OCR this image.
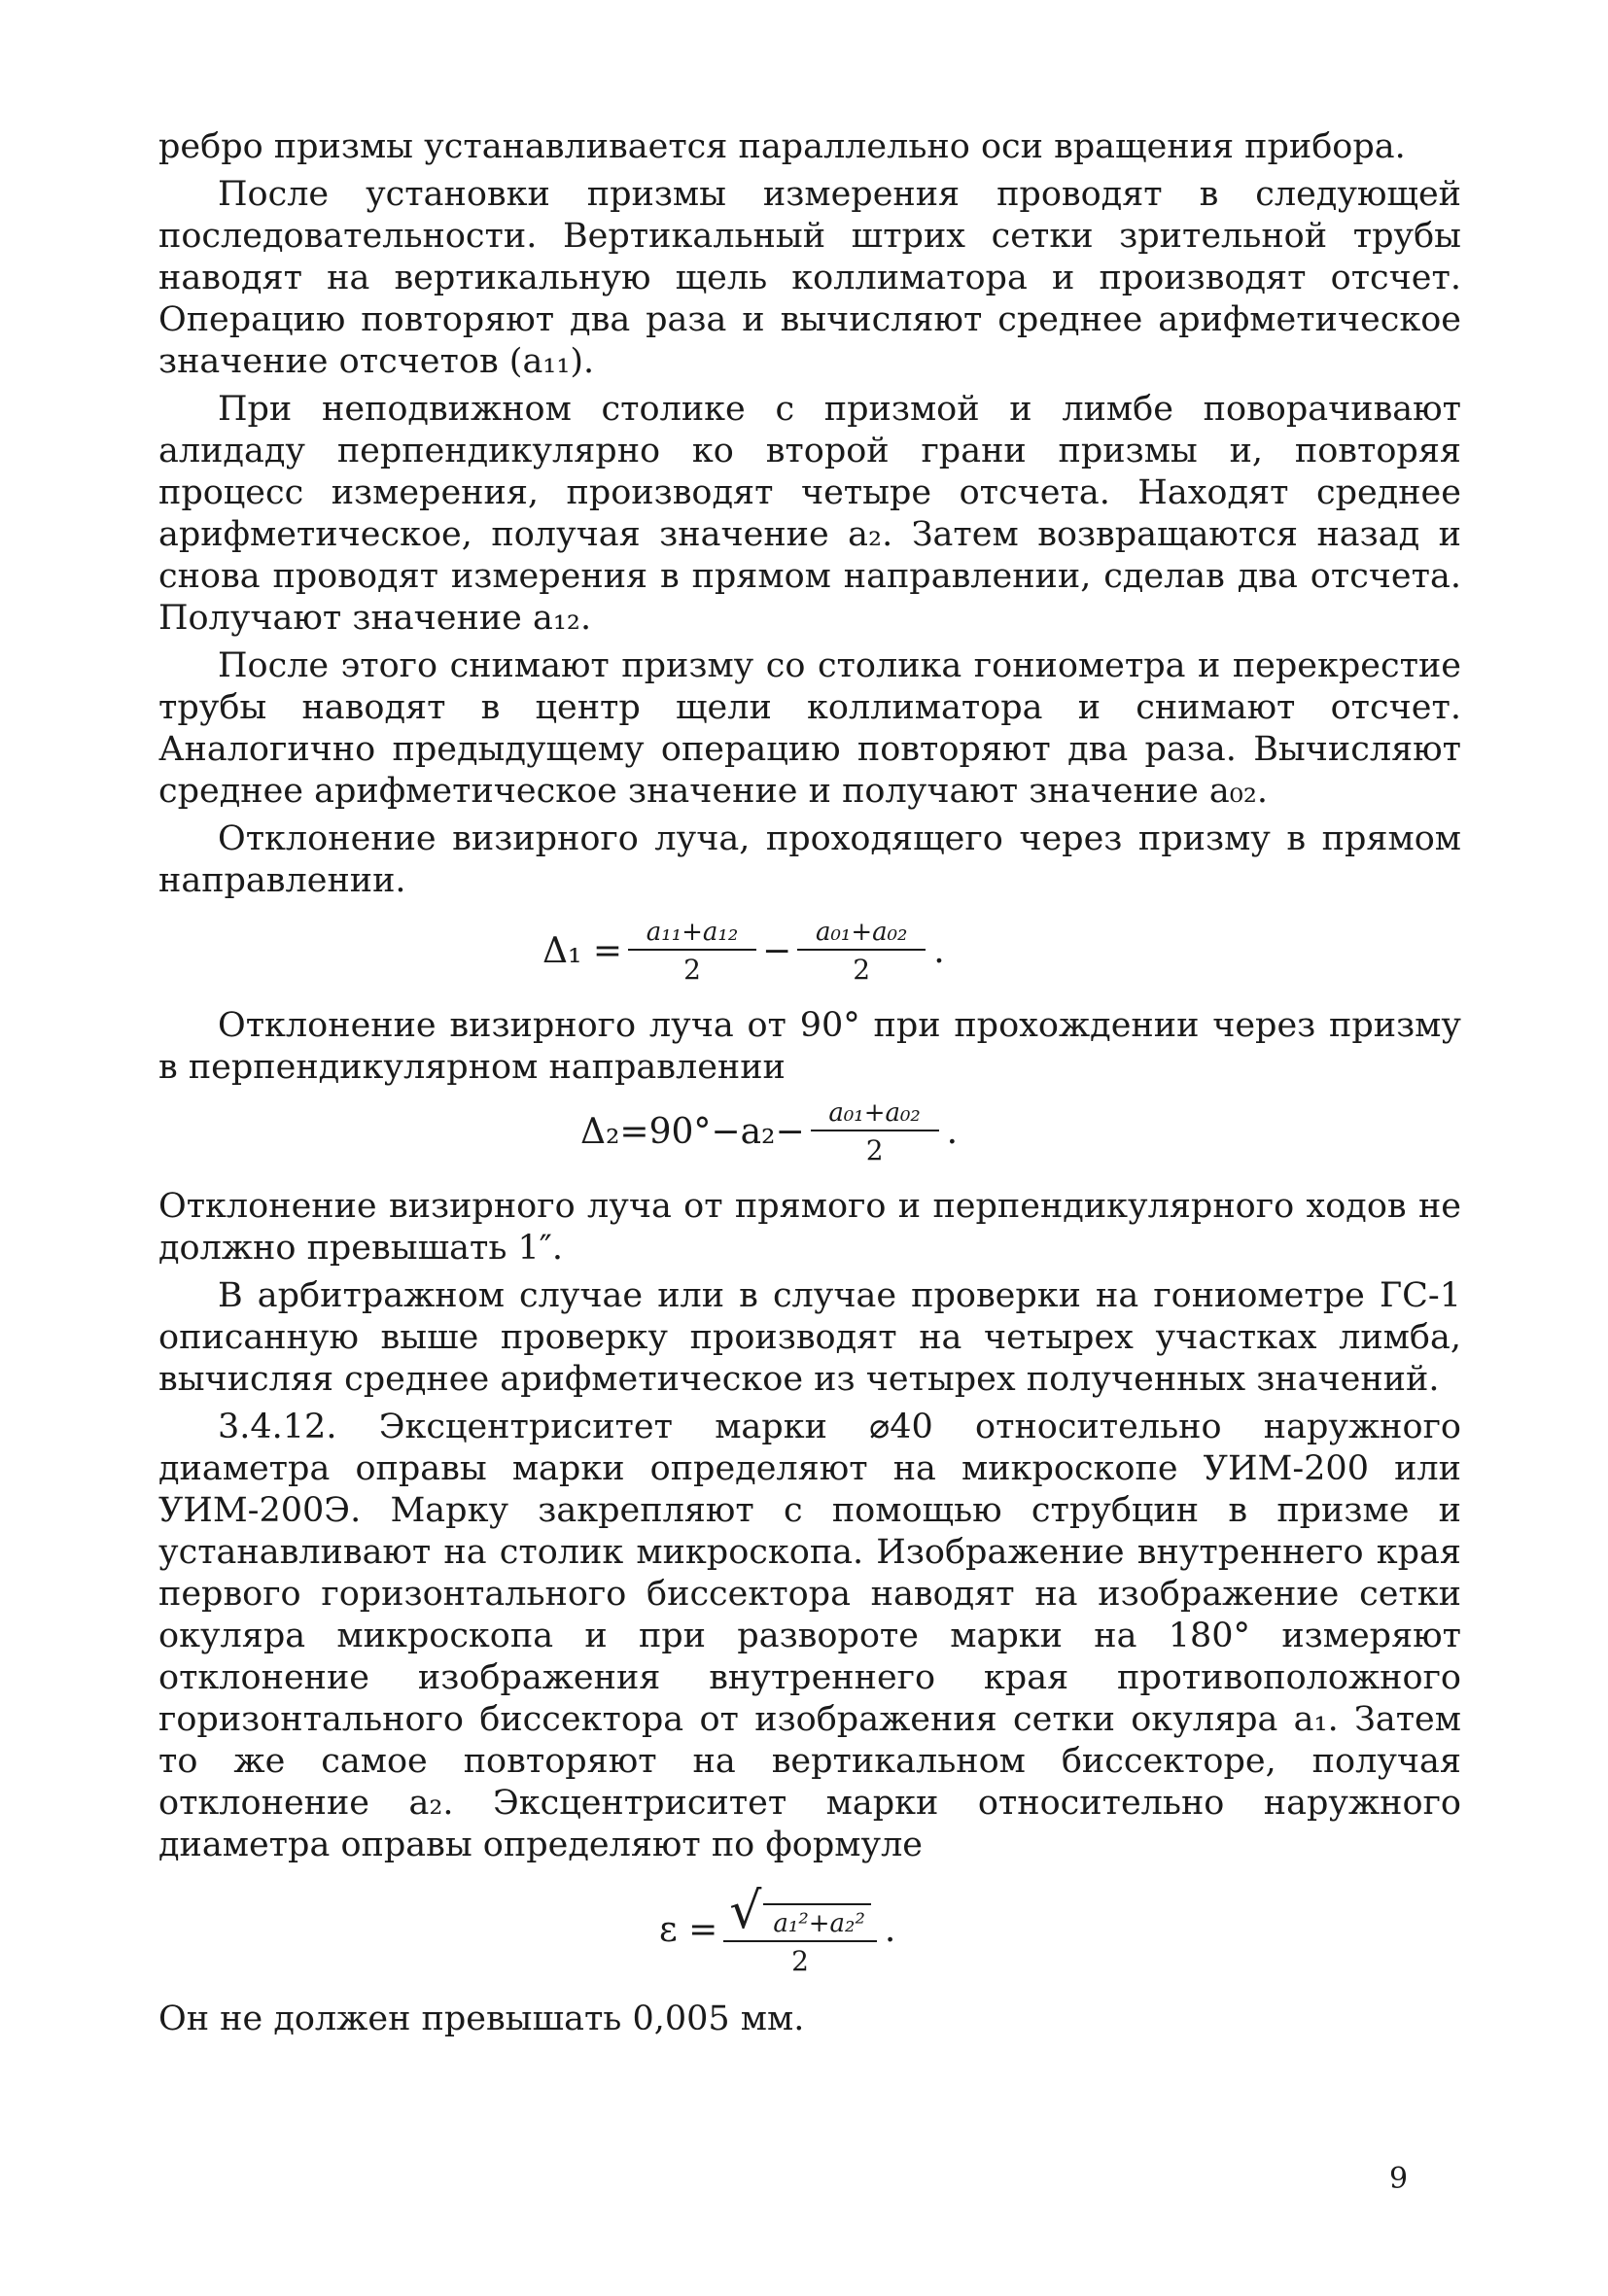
ребро призмы устанавливается параллельно оси вращения прибора.

После установки призмы измерения проводят в следующей последовательности. Вертикальный штрих сетки зрительной трубы наводят на вертикальную щель коллиматора и производят отсчет. Операцию повторяют два раза и вычисляют среднее арифметическое значение отсчетов (a₁₁).

При неподвижном столике с призмой и лимбе поворачивают алидаду перпендикулярно ко второй грани призмы и, повторяя процесс измерения, производят четыре отсчета. Находят среднее арифметическое, получая значение a₂. Затем возвращаются назад и снова проводят измерения в прямом направлении, сделав два отсчета. Получают значение a₁₂.

После этого снимают призму со столика гониометра и перекрестие трубы наводят в центр щели коллиматора и снимают отсчет. Аналогично предыдущему операцию повторяют два раза. Вычисляют среднее арифметическое значение и получают значение a₀₂.

Отклонение визирного луча, проходящего через призму в прямом направлении.

$\Delta_1 = \frac{\text{a₁₁+a₁₂}}{2} - \frac{\text{a₀₁+a₀₂}}{2}$ .

Отклонение визирного луча от 90° при прохождении через призму в перпендикулярном направлении

$\Delta_2=90^\circ-a_2- \frac{\text{a₀₁+a₀₂}}{2}$ .

Отклонение визирного луча от прямого и перпендикулярного ходов не должно превышать 1″.

В арбитражном случае или в случае проверки на гониометре ГС-1 описанную выше проверку производят на четырех участках лимба, вычисляя среднее арифметическое из четырех полученных значений.

3.4.12. Эксцентриситет марки ⌀40 относительно наружного диаметра оправы марки определяют на микроскопе УИМ-200 или УИМ-200Э. Марку закрепляют с помощью струбцин в призме и устанавливают на столик микроскопа. Изображение внутреннего края первого горизонтального биссектора наводят на изображение сетки окуляра микроскопа и при развороте марки на 180° измеряют отклонение изображения внутреннего края противоположного горизонтального биссектора от изображения сетки окуляра a₁. Затем то же самое повторяют на вертикальном биссекторе, получая отклонение a₂. Эксцентриситет марки относительно наружного диаметра оправы определяют по формуле

$\varepsilon = \frac{\text{√ a₁²+a₂²}}{2}$ .

Он не должен превышать 0,005 мм.

9
